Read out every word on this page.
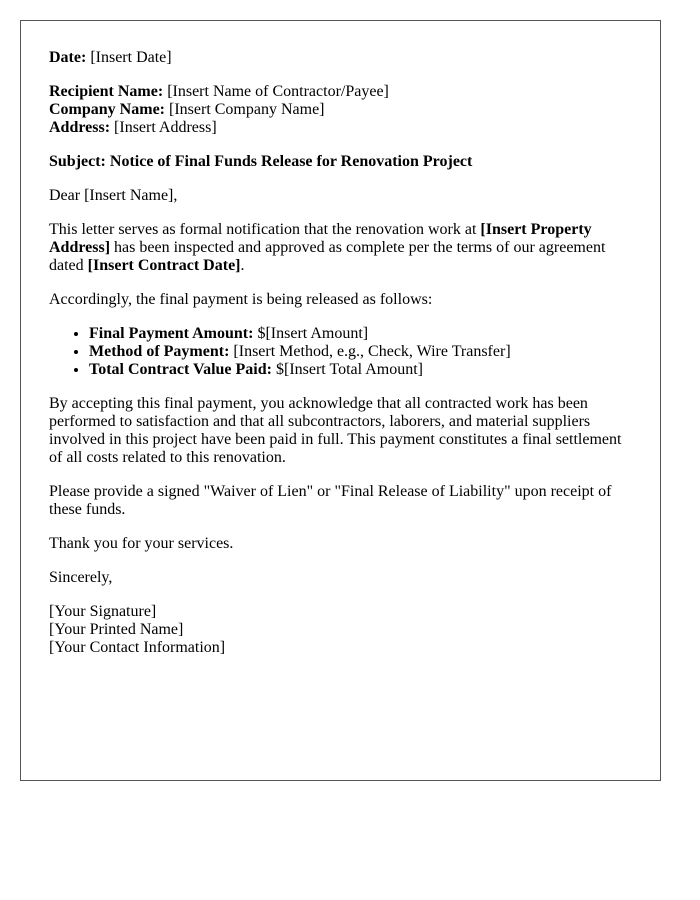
Date: [Insert Date]

Recipient Name: [Insert Name of Contractor/Payee]
Company Name: [Insert Company Name]
Address: [Insert Address]

Subject: Notice of Final Funds Release for Renovation Project

Dear [Insert Name],

This letter serves as formal notification that the renovation work at [Insert Property Address] has been inspected and approved as complete per the terms of our agreement dated [Insert Contract Date].

Accordingly, the final payment is being released as follows:

• Final Payment Amount: $[Insert Amount]
• Method of Payment: [Insert Method, e.g., Check, Wire Transfer]
• Total Contract Value Paid: $[Insert Total Amount]

By accepting this final payment, you acknowledge that all contracted work has been performed to satisfaction and that all subcontractors, laborers, and material suppliers involved in this project have been paid in full. This payment constitutes a final settlement of all costs related to this renovation.

Please provide a signed "Waiver of Lien" or "Final Release of Liability" upon receipt of these funds.

Thank you for your services.

Sincerely,

[Your Signature]
[Your Printed Name]
[Your Contact Information]
